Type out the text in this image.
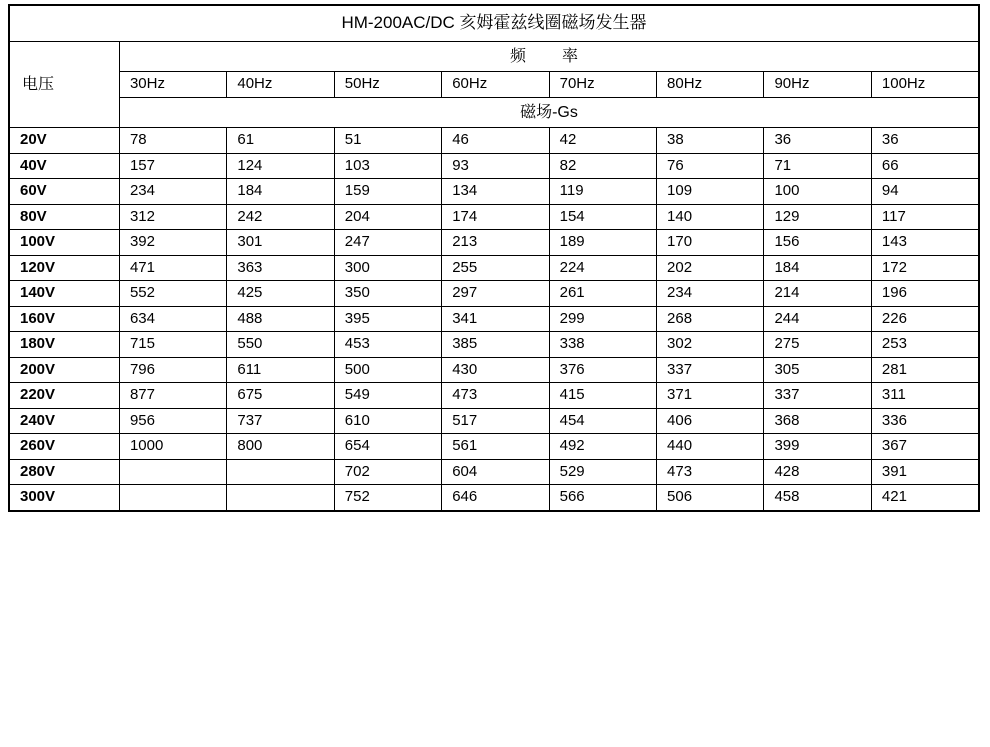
HM-200AC/DC 亥姆霍兹线圈磁场发生器								
电压	频　率							
	30Hz	40Hz	50Hz	60Hz	70Hz	80Hz	90Hz	100Hz
	磁场-Gs							
20V	78	61	51	46	42	38	36	36
40V	157	124	103	93	82	76	71	66
60V	234	184	159	134	119	109	100	94
80V	312	242	204	174	154	140	129	117
100V	392	301	247	213	189	170	156	143
120V	471	363	300	255	224	202	184	172
140V	552	425	350	297	261	234	214	196
160V	634	488	395	341	299	268	244	226
180V	715	550	453	385	338	302	275	253
200V	796	611	500	430	376	337	305	281
220V	877	675	549	473	415	371	337	311
240V	956	737	610	517	454	406	368	336
260V	1000	800	654	561	492	440	399	367
280V			702	604	529	473	428	391
300V			752	646	566	506	458	421
